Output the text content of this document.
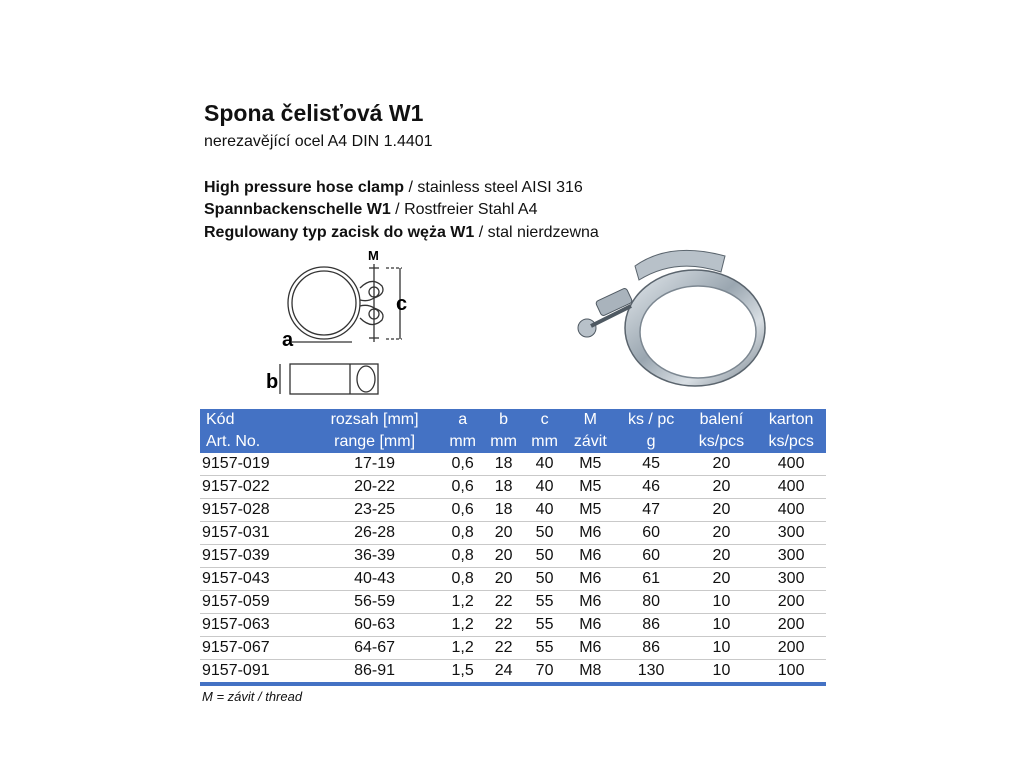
Spona čelisťová W1
nerezavějící ocel A4 DIN 1.4401
High pressure hose clamp / stainless steel AISI 316
Spannbackenschelle W1 / Rostfreier Stahl A4
Regulowany typ zacisk do węża W1 / stal nierdzewna
M
c
a
b
Kód	rozsah [mm]	a	b	c	M	ks / pc	balení	karton
Art. No.	range [mm]	mm	mm	mm	závit	g	ks/pcs	ks/pcs
9157-019	17-19	0,6	18	40	M5	45	20	400
9157-022	20-22	0,6	18	40	M5	46	20	400
9157-028	23-25	0,6	18	40	M5	47	20	400
9157-031	26-28	0,8	20	50	M6	60	20	300
9157-039	36-39	0,8	20	50	M6	60	20	300
9157-043	40-43	0,8	20	50	M6	61	20	300
9157-059	56-59	1,2	22	55	M6	80	10	200
9157-063	60-63	1,2	22	55	M6	86	10	200
9157-067	64-67	1,2	22	55	M6	86	10	200
9157-091	86-91	1,5	24	70	M8	130	10	100
M = závit / thread
